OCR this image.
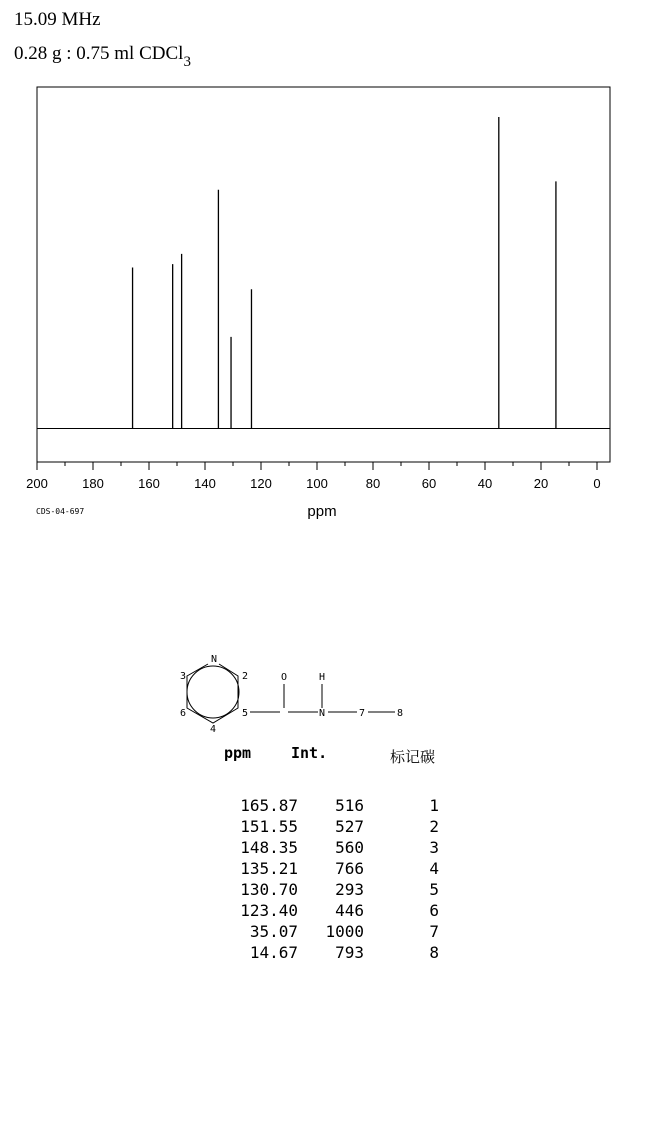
15.09 MHz
0.28 g : 0.75 ml CDCl$_3$
200	180	160	140	120	100	80	60	40	20	0
ppm
CDS-04-697
N
3	2
6
4
5
O	H
N	7	8
ppm	Int.	标记碳
165.87	516	1
151.55	527	2
148.35	560	3
135.21	766	4
130.70	293	5
123.40	446	6
35.07	1000	7
14.67	793	8
